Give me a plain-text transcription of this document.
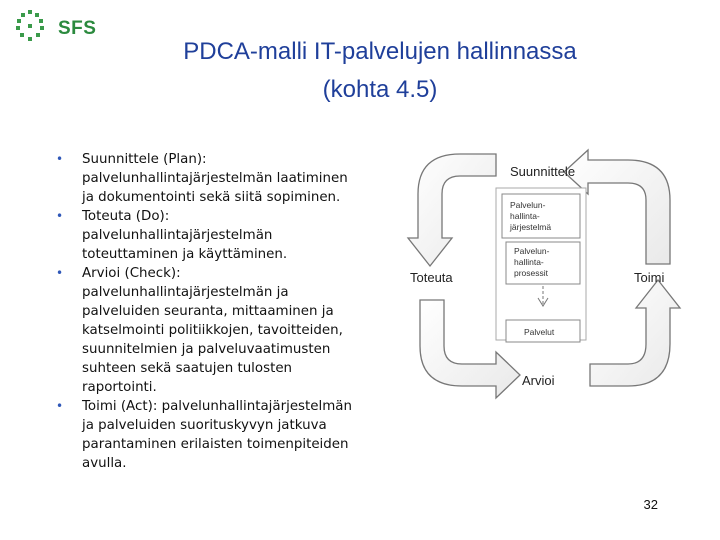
SFS
PDCA-malli IT-palvelujen hallinnassa
(kohta 4.5)
• Suunnittele (Plan):
palvelunhallintajärjestelmän laatiminen
ja dokumentointi sekä siitä sopiminen.
• Toteuta (Do):
palvelunhallintajärjestelmän
toteuttaminen ja käyttäminen.
• Arvioi (Check):
palvelunhallintajärjestelmän ja
palveluiden seuranta, mittaaminen ja
katselmointi politiikkojen, tavoitteiden,
suunnitelmien ja palveluvaatimusten
suhteen sekä saatujen tulosten
raportointi.
• Toimi (Act): palvelunhallintajärjestelmän
ja palveluiden suorituskyvyn jatkuva
parantaminen erilaisten toimenpiteiden
avulla.
Palvelun-
hallinta-
järjestelmä
Palvelun-
hallinta-
prosessit
Palvelut
Suunnittele
Toteuta	Toimi
Arvioi
32
